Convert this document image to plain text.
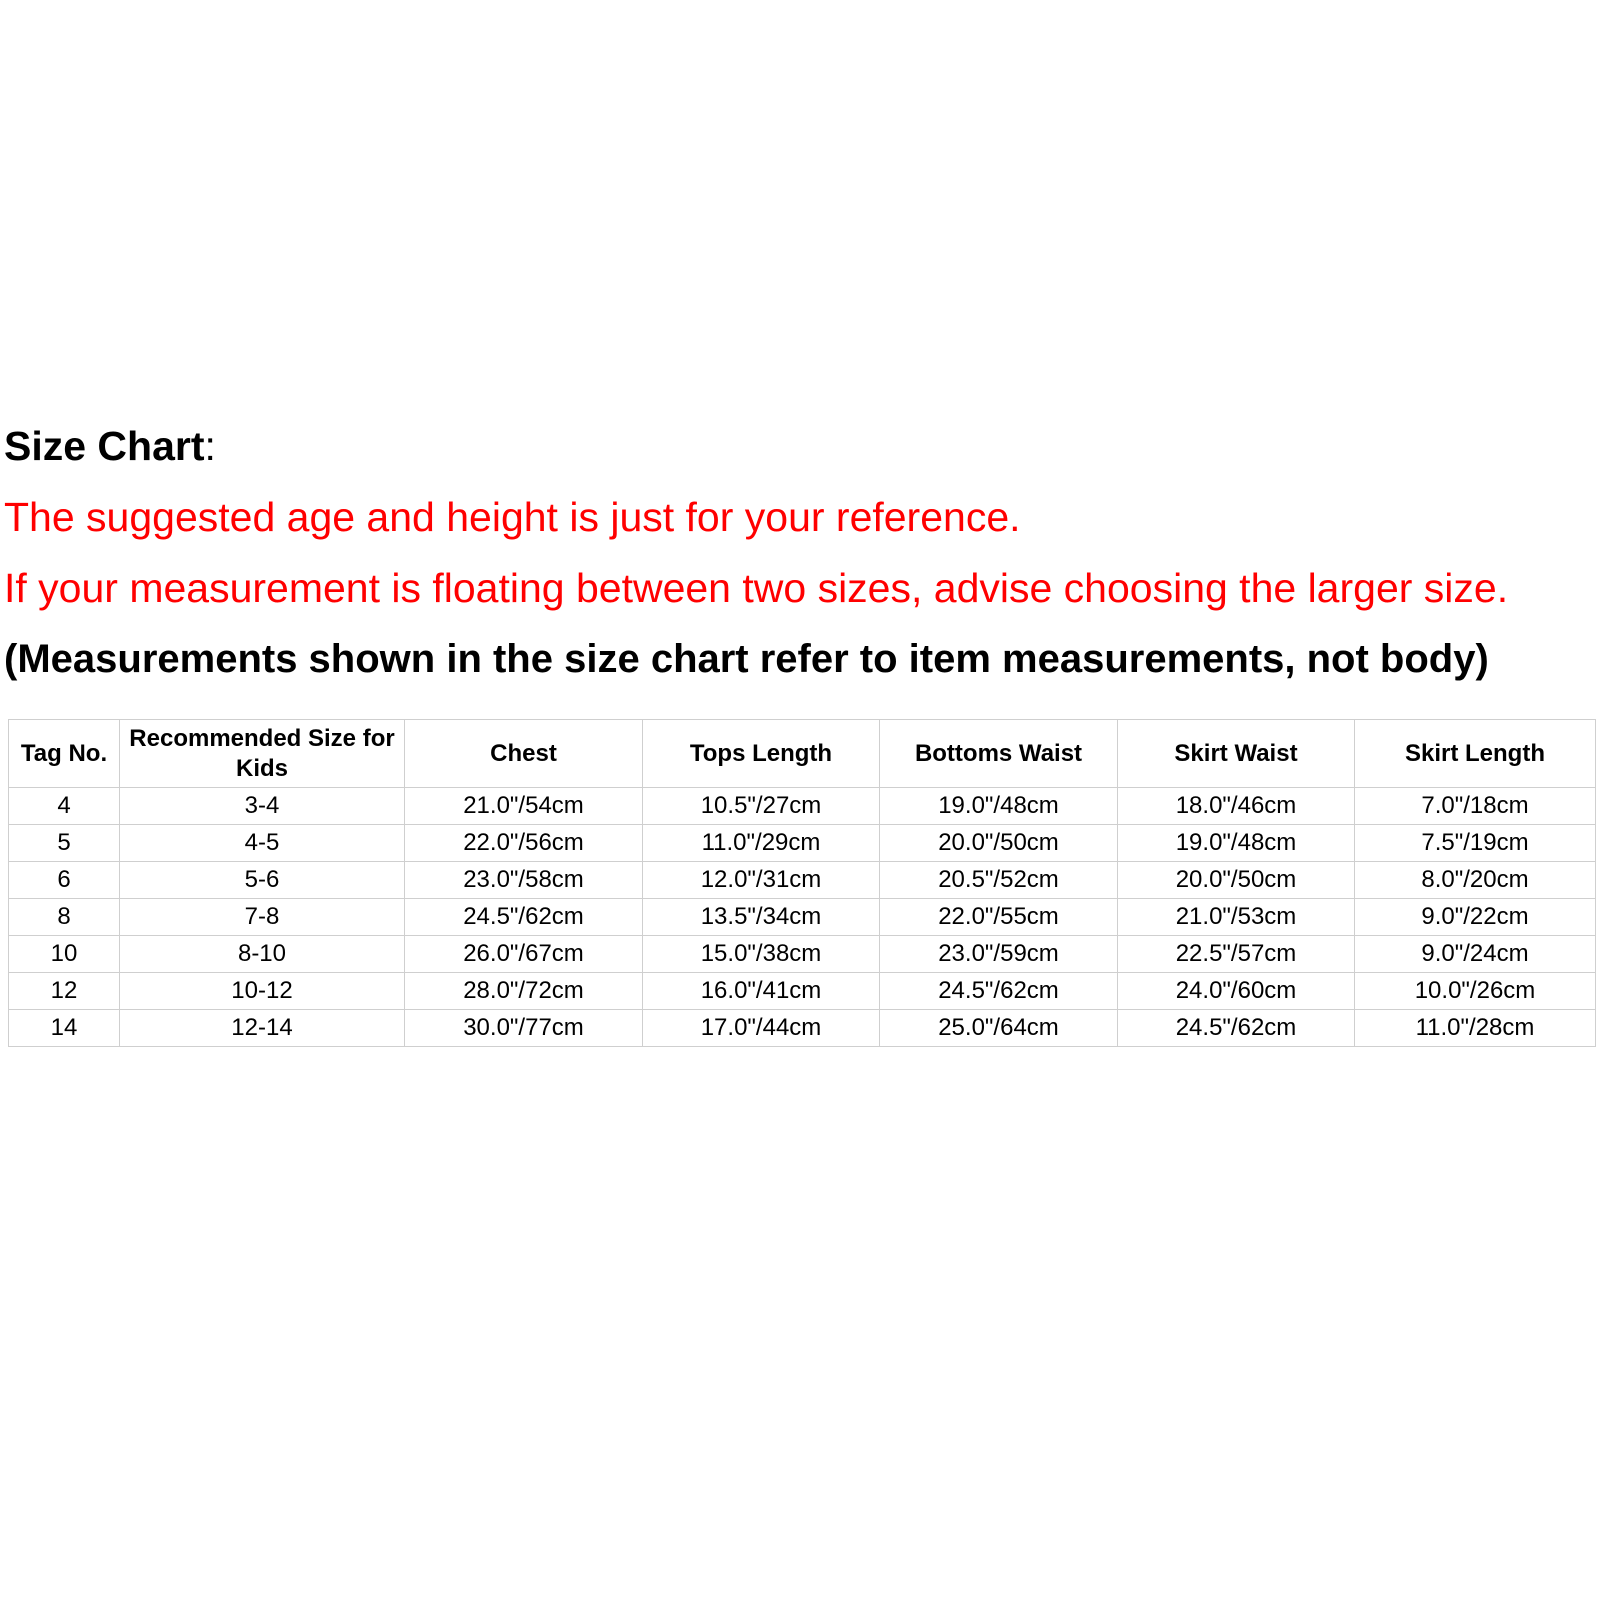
Size Chart:
The suggested age and height is just for your reference.
If your measurement is floating between two sizes, advise choosing the larger size.
(Measurements shown in the size chart refer to item measurements, not body)
Tag No.	Recommended Size for Kids	Chest	Tops Length	Bottoms Waist	Skirt Waist	Skirt Length
4	3-4	21.0"/54cm	10.5"/27cm	19.0"/48cm	18.0"/46cm	7.0"/18cm
5	4-5	22.0"/56cm	11.0"/29cm	20.0"/50cm	19.0"/48cm	7.5"/19cm
6	5-6	23.0"/58cm	12.0"/31cm	20.5"/52cm	20.0"/50cm	8.0"/20cm
8	7-8	24.5"/62cm	13.5"/34cm	22.0"/55cm	21.0"/53cm	9.0"/22cm
10	8-10	26.0"/67cm	15.0"/38cm	23.0"/59cm	22.5"/57cm	9.0"/24cm
12	10-12	28.0"/72cm	16.0"/41cm	24.5"/62cm	24.0"/60cm	10.0"/26cm
14	12-14	30.0"/77cm	17.0"/44cm	25.0"/64cm	24.5"/62cm	11.0"/28cm
